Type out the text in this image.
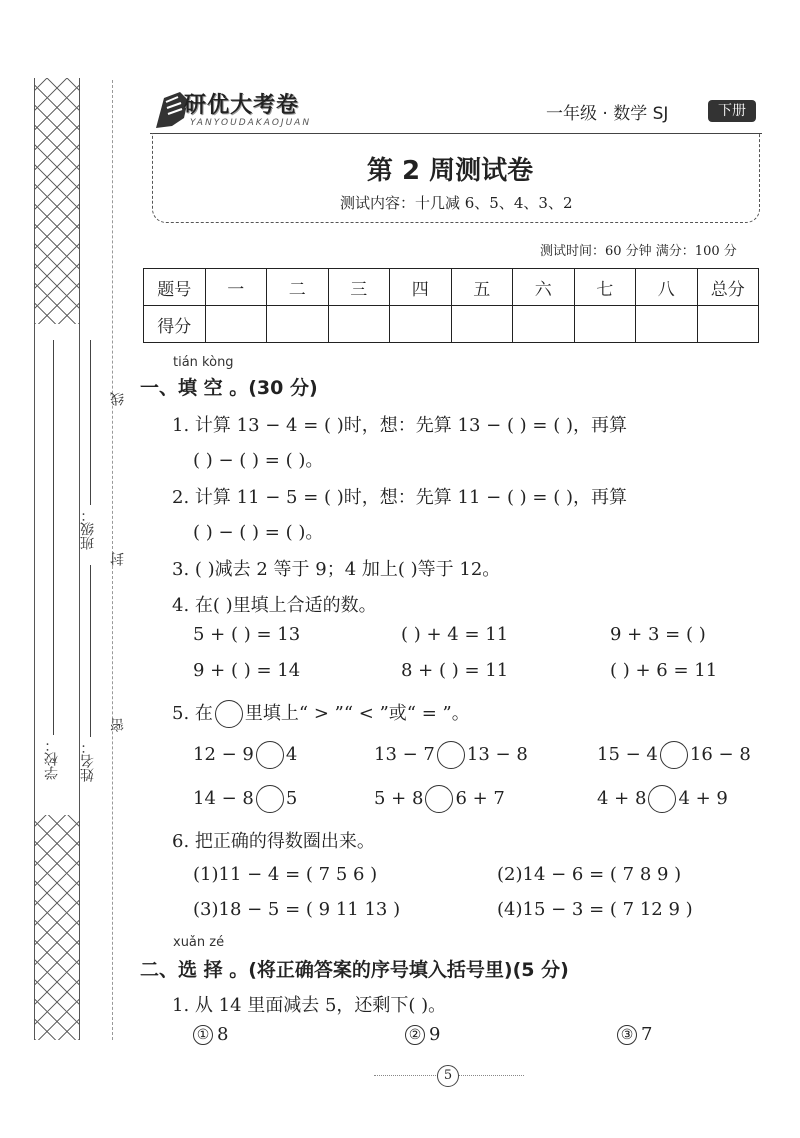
学校： 姓名：
班级：
线
封
密
研优大考卷
YANYOUDAKAOJUAN	一年级 · 数学 SJ	下册
第 2 周测试卷
测试内容：十几减 6、5、4、3、2
测试时间：60 分钟 满分：100 分
题号	一	二	三	四	五	六	七	八	总分
得分									
tián kòng
一、填 空 。(30 分)
1. 计算 13 − 4 = ( )时，想：先算 13 − ( ) = ( )，再算
( ) − ( ) = ( )。
2. 计算 11 − 5 = ( )时，想：先算 11 − ( ) = ( )，再算
( ) − ( ) = ( )。
3. ( )减去 2 等于 9；4 加上( )等于 12。
4. 在( )里填上合适的数。
5 + ( ) = 13	( ) + 4 = 11	9 + 3 = ( )
9 + ( ) = 14	8 + ( ) = 11	( ) + 6 = 11
5. 在 里填上“ > ”“ < ”或“ = ”。
12 − 9 4	13 − 7 13 − 8	15 − 4 16 − 8
14 − 8 5	5 + 8 6 + 7	4 + 8 4 + 9
6. 把正确的得数圈出来。
(1)11 − 4 = ( 7 5 6 )	(2)14 − 6 = ( 7 8 9 )
(3)18 − 5 = ( 9 11 13 )	(4)15 − 3 = ( 7 12 9 )
xuǎn zé
二、选 择 。(将正确答案的序号填入括号里)(5 分)
1. 从 14 里面减去 5，还剩下( )。
① 8	② 9	③ 7
5
